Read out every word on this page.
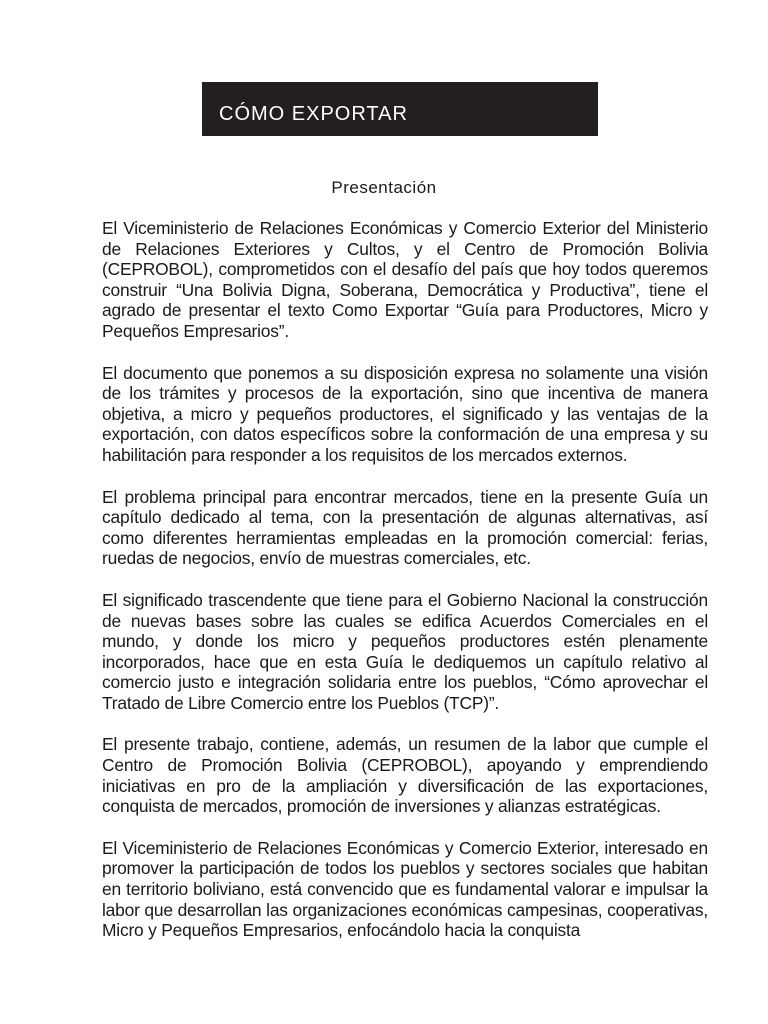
CÓMO EXPORTAR
Presentación

El Viceministerio de Relaciones Económicas y Comercio Exterior del Ministerio de Relaciones Exteriores y Cultos, y el Centro de Promoción Bolivia (CEPROBOL), comprometidos con el desafío del país que hoy todos queremos construir “Una Bolivia Digna, Soberana, Democrática y Productiva”, tiene el agrado de presentar el texto Como Exportar “Guía para Productores, Micro y Pequeños Empresarios”.

El documento que ponemos a su disposición expresa no solamente una visión de los trámites y procesos de la exportación, sino que incentiva de manera objetiva, a micro y pequeños productores, el significado y las ventajas de la exportación, con datos específicos sobre la conformación de una empresa y su habilitación para responder a los requisitos de los mercados externos.

El problema principal para encontrar mercados, tiene en la presente Guía un capítulo dedicado al tema, con la presentación de algunas alternativas, así como diferentes herramientas empleadas en la promoción comercial: ferias, ruedas de negocios, envío de muestras comerciales, etc.

El significado trascendente que tiene para el Gobierno Nacional la construcción de nuevas bases sobre las cuales se edifica Acuerdos Comerciales en el mundo, y donde los micro y pequeños productores estén plenamente incorporados, hace que en esta Guía le dediquemos un capítulo relativo al comercio justo e integración solidaria entre los pueblos, “Cómo aprovechar el Tratado de Libre Comercio entre los Pueblos (TCP)”.

El presente trabajo, contiene, además, un resumen de la labor que cumple el Centro de Promoción Bolivia (CEPROBOL), apoyando y emprendiendo iniciativas en pro de la ampliación y diversificación de las exportaciones, conquista de mercados, promoción de inversiones y alianzas estratégicas.

El Viceministerio de Relaciones Económicas y Comercio Exterior, interesado en promover la participación de todos los pueblos y sectores sociales que habitan en territorio boliviano, está convencido que es fundamental valorar e impulsar la labor que desarrollan las organizaciones económicas campesinas, cooperativas, Micro y Pequeños Empresarios, enfocándolo hacia la conquista
